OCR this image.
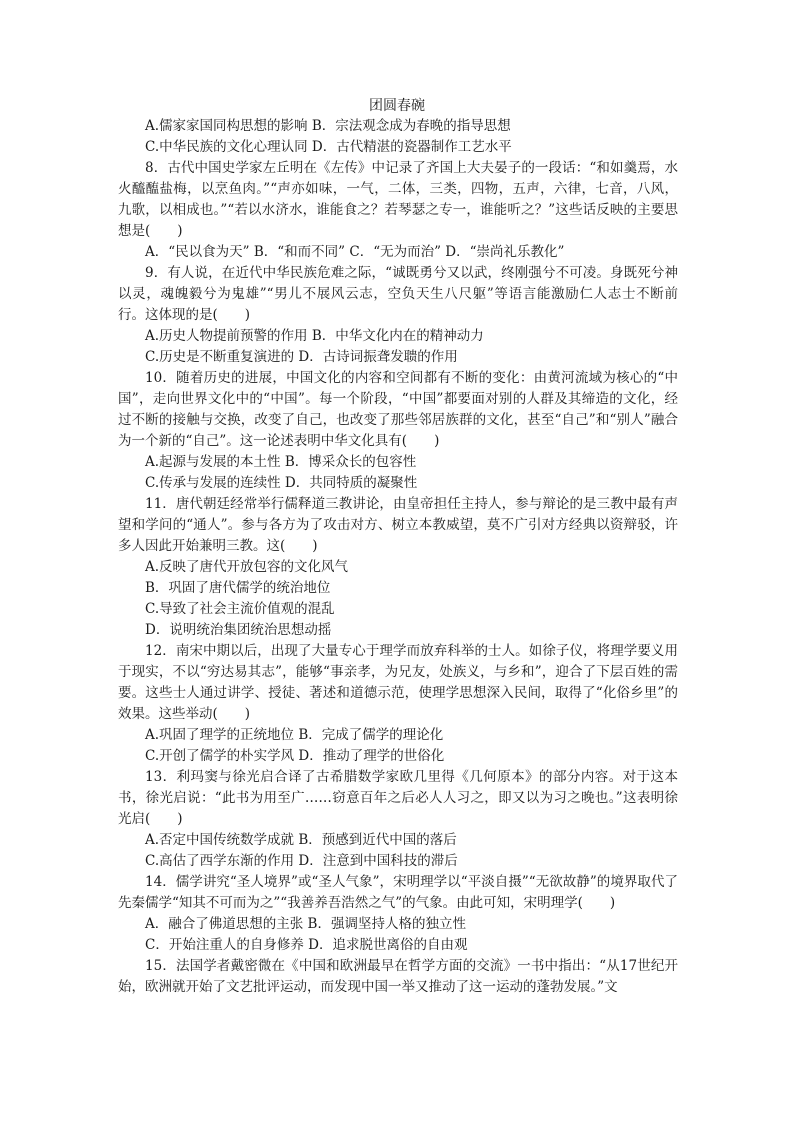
团圆春碗

A.儒家家国同构思想的影响 B．宗法观念成为春晚的指导思想

C.中华民族的文化心理认同 D．古代精湛的瓷器制作工艺水平

8．古代中国史学家左丘明在《左传》中记录了齐国上大夫晏子的一段话：“和如羹焉，水火醯醢盐梅，以烹鱼肉。”“声亦如味，一气，二体，三类，四物，五声，六律，七音，八风，九歌，以相成也。”“若以水济水，谁能食之？若琴瑟之专一，谁能听之？”这些话反映的主要思想是(　　)

A．“民以食为天” B．“和而不同” C．“无为而治” D．“崇尚礼乐教化”

9．有人说，在近代中华民族危难之际，“诚既勇兮又以武，终刚强兮不可凌。身既死兮神以灵，魂魄毅兮为鬼雄”“男儿不展风云志，空负天生八尺躯”等语言能激励仁人志士不断前行。这体现的是(　　)

A.历史人物提前预警的作用 B．中华文化内在的精神动力

C.历史是不断重复演进的 D．古诗词振聋发聩的作用

10．随着历史的进展，中国文化的内容和空间都有不断的变化：由黄河流域为核心的“中国”，走向世界文化中的“中国”。每一个阶段，“中国”都要面对别的人群及其缔造的文化，经过不断的接触与交换，改变了自己，也改变了那些邻居族群的文化，甚至“自己”和“别人”融合为一个新的“自己”。这一论述表明中华文化具有(　　)

A.起源与发展的本土性 B．博采众长的包容性

C.传承与发展的连续性 D．共同特质的凝聚性

11．唐代朝廷经常举行儒释道三教讲论，由皇帝担任主持人，参与辩论的是三教中最有声望和学问的“通人”。参与各方为了攻击对方、树立本教威望，莫不广引对方经典以资辩驳，许多人因此开始兼明三教。这(　　)

A.反映了唐代开放包容的文化风气

B．巩固了唐代儒学的统治地位

C.导致了社会主流价值观的混乱

D．说明统治集团统治思想动摇

12．南宋中期以后，出现了大量专心于理学而放弃科举的士人。如徐子仪，将理学要义用于现实，不以“穷达易其志”，能够“事亲孝，为兄友，处族义，与乡和”，迎合了下层百姓的需要。这些士人通过讲学、授徒、著述和道德示范，使理学思想深入民间，取得了“化俗乡里”的效果。这些举动(　　)

A.巩固了理学的正统地位 B．完成了儒学的理论化

C.开创了儒学的朴实学风 D．推动了理学的世俗化

13．利玛窦与徐光启合译了古希腊数学家欧几里得《几何原本》的部分内容。对于这本书，徐光启说：“此书为用至广……窃意百年之后必人人习之，即又以为习之晚也。”这表明徐光启(　　)

A.否定中国传统数学成就 B．预感到近代中国的落后

C.高估了西学东渐的作用 D．注意到中国科技的滞后

14．儒学讲究“圣人境界”或“圣人气象”，宋明理学以“平淡自摄”“无欲故静”的境界取代了先秦儒学“知其不可而为之”“我善养吾浩然之气”的气象。由此可知，宋明理学(　　)

A．融合了佛道思想的主张 B．强调坚持人格的独立性

C．开始注重人的自身修养 D．追求脱世离俗的自由观

15．法国学者戴密微在《中国和欧洲最早在哲学方面的交流》一书中指出：“从17世纪开始，欧洲就开始了文艺批评运动，而发现中国一举又推动了这一运动的蓬勃发展。”文
